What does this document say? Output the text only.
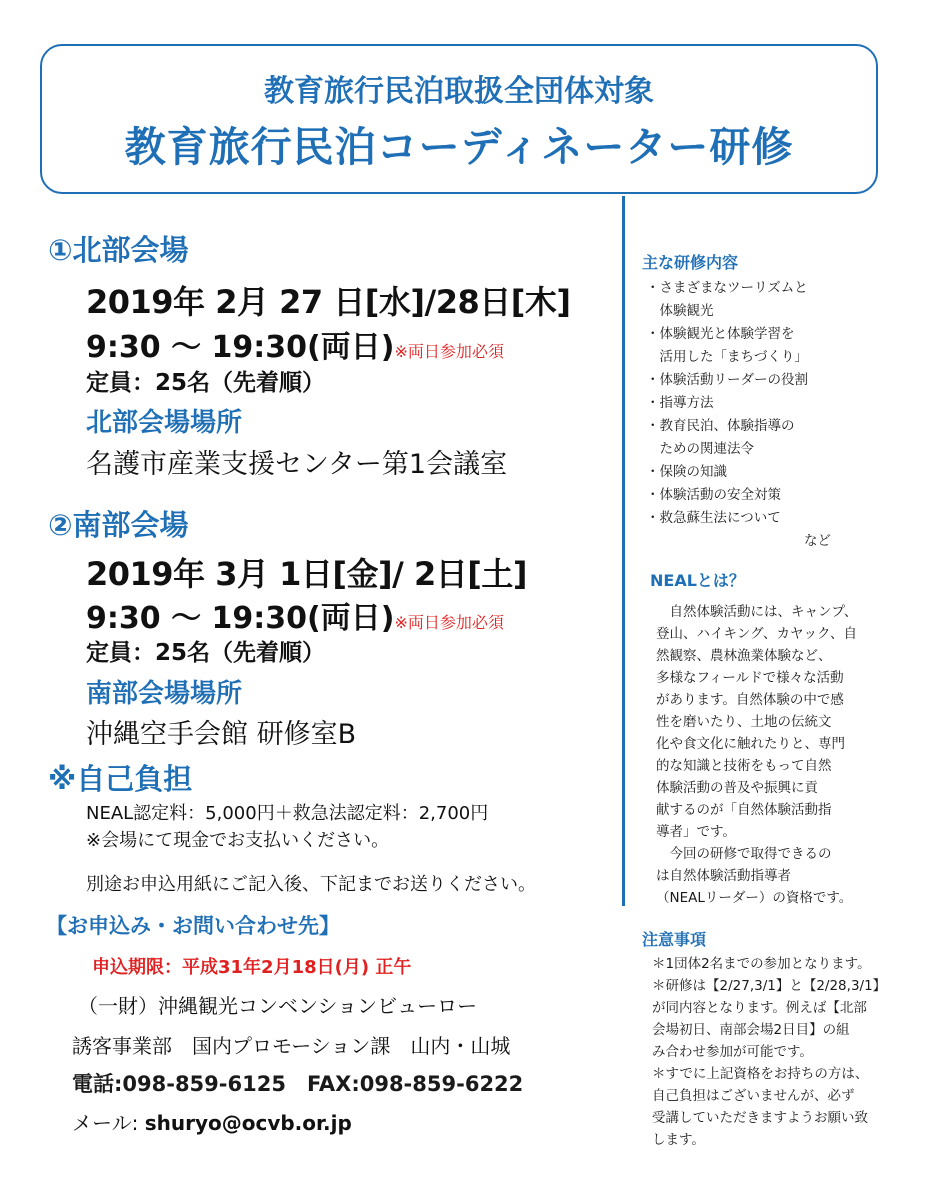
教育旅行民泊取扱全団体対象
教育旅行民泊コーディネーター研修
①北部会場
2019年 2月 27 日[水]/28日[木]
9:30 ～ 19:30(両日)※両日参加必須
定員：25名（先着順）
北部会場場所
名護市産業支援センター第1会議室
②南部会場
2019年 3月 1日[金]/ 2日[土]
9:30 ～ 19:30(両日)※両日参加必須
定員：25名（先着順）
南部会場場所
沖縄空手会館 研修室B
※自己負担
NEAL認定料：5,000円＋救急法認定料：2,700円
※会場にて現金でお支払いください。
別途お申込用紙にご記入後、下記までお送りください。
【お申込み・お問い合わせ先】
申込期限：平成31年2月18日(月) 正午
（一財）沖縄観光コンベンションビューロー
誘客事業部　国内プロモーション課　山内・山城
電話:098-859-6125　FAX:098-859-6222
メール: shuryo@ocvb.or.jp
主な研修内容
・さまざまなツーリズムと
　体験観光
・体験観光と体験学習を
　活用した「まちづくり」
・体験活動リーダーの役割
・指導方法
・教育民泊、体験指導の
　ための関連法令
・保険の知識
・体験活動の安全対策
・救急蘇生法について
など
NEALとは？
　自然体験活動には、キャンプ、
登山、ハイキング、カヤック、自
然観察、農林漁業体験など、
多様なフィールドで様々な活動
があります。自然体験の中で感
性を磨いたり、土地の伝統文
化や食文化に触れたりと、専門
的な知識と技術をもって自然
体験活動の普及や振興に貢
献するのが「自然体験活動指
導者」です。
　今回の研修で取得できるの
は自然体験活動指導者
（NEALリーダー）の資格です。
注意事項
＊1団体2名までの参加となります。
＊研修は【2/27,3/1】と【2/28,3/1】
が同内容となります。例えば【北部
会場初日、南部会場2日目】の組
み合わせ参加が可能です。
＊すでに上記資格をお持ちの方は、
自己負担はございませんが、必ず
受講していただきますようお願い致
します。
